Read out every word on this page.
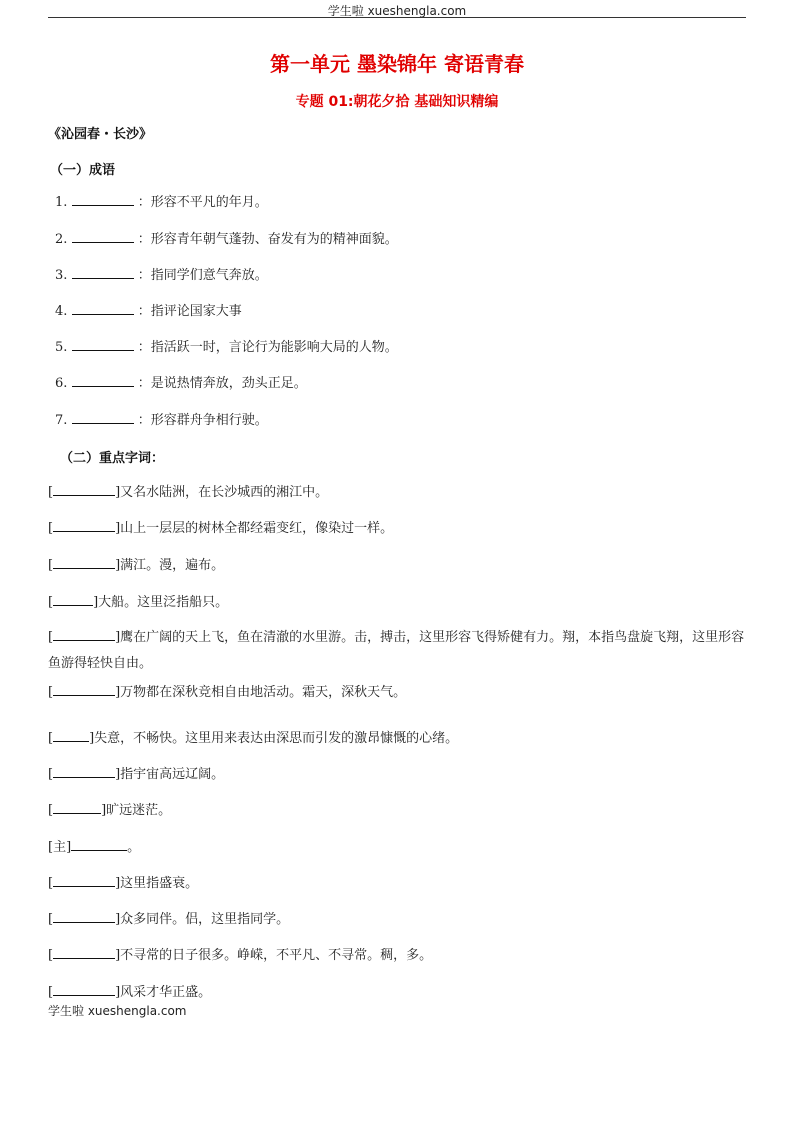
学生啦 xueshengla.com
第一单元 墨染锦年 寄语青春
专题 01:朝花夕拾 基础知识精编
《沁园春・长沙》
（一）成语
1.	：形容不平凡的年月。
2.	：形容青年朝气蓬勃、奋发有为的精神面貌。
3.	：指同学们意气奔放。
4.	：指评论国家大事
5.	：指活跃一时，言论行为能影响大局的人物。
6.	：是说热情奔放，劲头正足。
7.	：形容群舟争相行驶。
（二）重点字词：
[	]又名水陆洲，在长沙城西的湘江中。
[	]山上一层层的树林全都经霜变红，像染过一样。
[	]满江。漫，遍布。
[	]大船。这里泛指船只。
[	]鹰在广阔的天上飞，鱼在清澈的水里游。击，搏击，这里形容飞得矫健有力。翔，本指鸟盘旋飞翔，这里形容鱼游得轻快自由。
[	]万物都在深秋竞相自由地活动。霜天，深秋天气。
[	]失意，不畅快。这里用来表达由深思而引发的激昂慷慨的心绪。
[	]指宇宙高远辽阔。
[	]旷远迷茫。
[主]	。
[	]这里指盛衰。
[	]众多同伴。侣，这里指同学。
[	]不寻常的日子很多。峥嵘，不平凡、不寻常。稠，多。
[	]风采才华正盛。
学生啦 xueshengla.com
